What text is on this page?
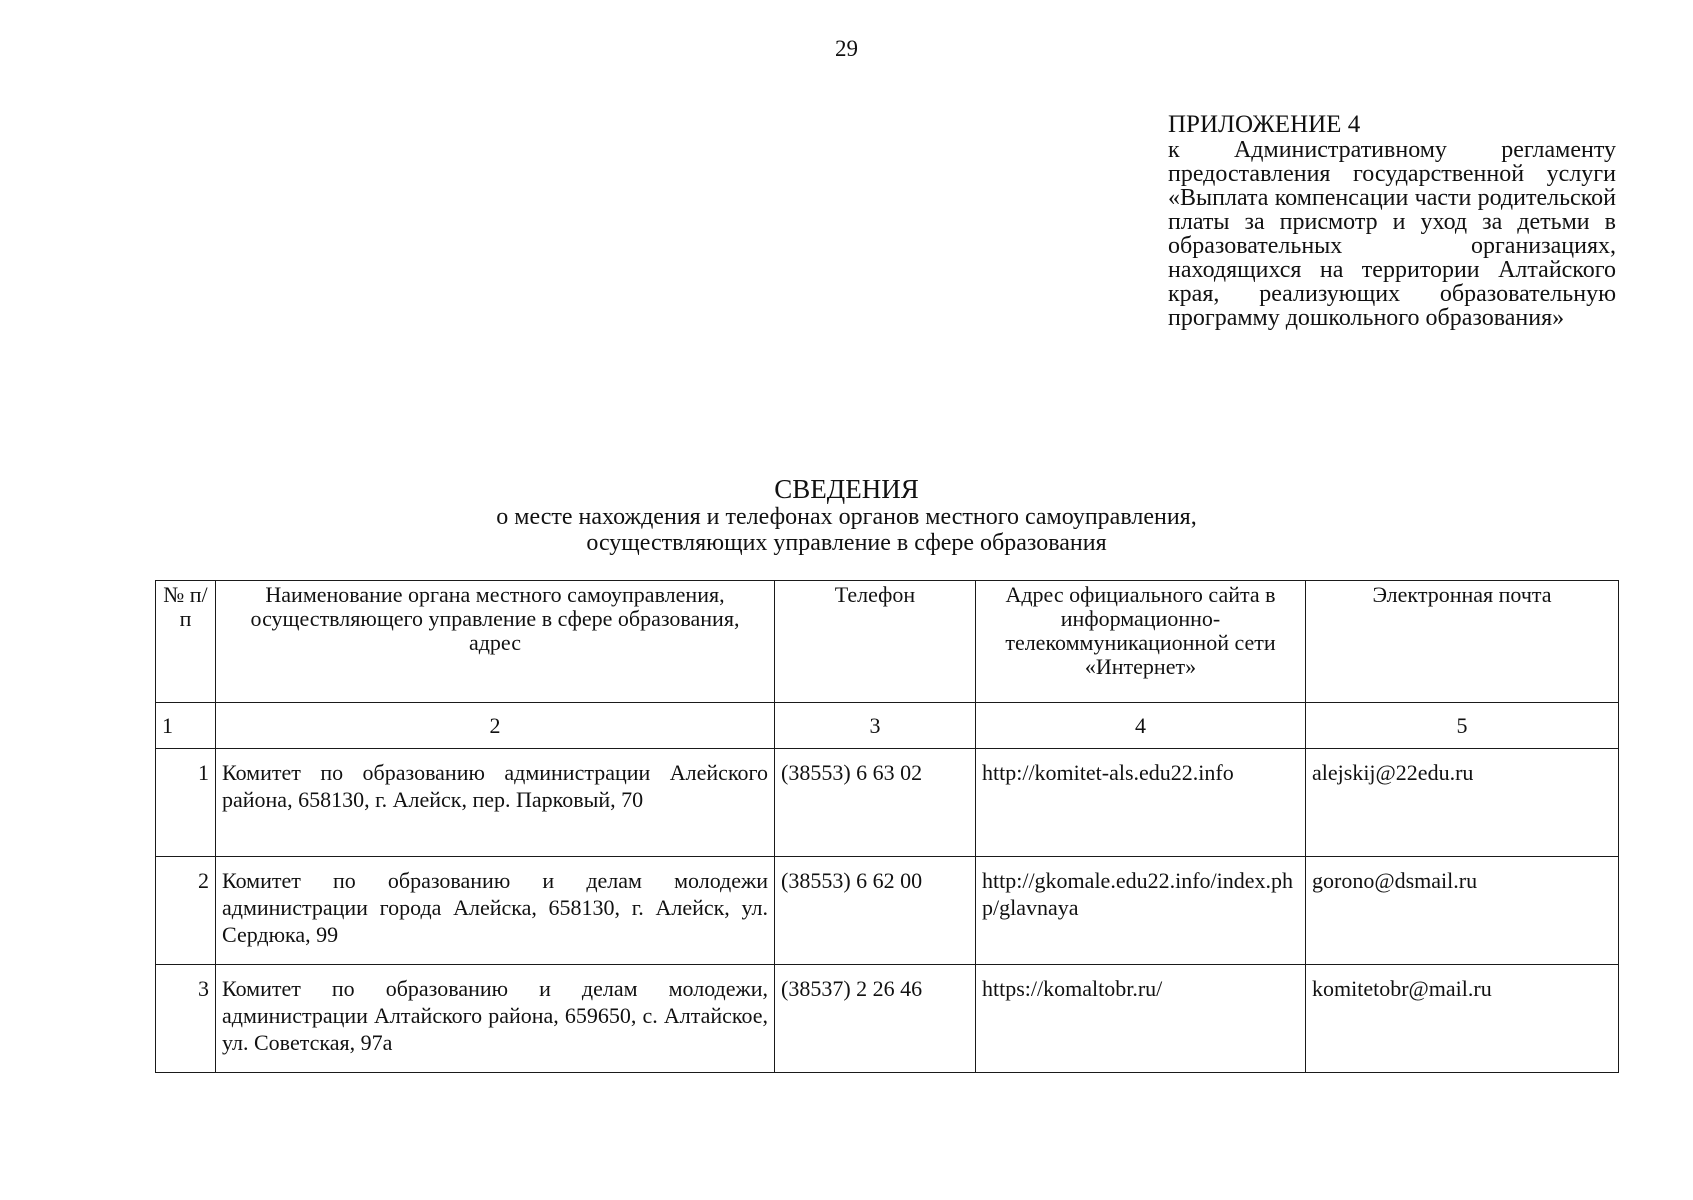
29
ПРИЛОЖЕНИЕ 4
к Административному регламенту предоставления государственной услуги «Выплата компенсации части родительской платы за присмотр и уход за детьми в образовательных организациях, находящихся на территории Алтайского края, реализующих образовательную программу дошкольного образования»
СВЕДЕНИЯ
о месте нахождения и телефонах органов местного самоуправления,
осуществляющих управление в сфере образования
№ п/п	Наименование органа местного самоуправления, осуществляющего управление в сфере образования, адрес	Телефон	Адрес официального сайта в информационно-телекоммуникационной сети «Интернет»	Электронная почта
1	2	3	4	5
1	Комитет по образованию администрации Алейского района, 658130, г. Алейск, пер. Парковый, 70	(38553) 6 63 02	http://komitet-als.edu22.info	alejskij@22edu.ru
2	Комитет по образованию и делам молодежи администрации города Алейска, 658130, г. Алейск, ул. Сердюка, 99	(38553) 6 62 00	http://gkomale.edu22.info/index.php/glavnaya	gorono@dsmail.ru
3	Комитет по образованию и делам молодежи, администрации Алтайского района, 659650, с. Алтайское, ул. Советская, 97а	(38537) 2 26 46	https://komaltobr.ru/	komitetobr@mail.ru
